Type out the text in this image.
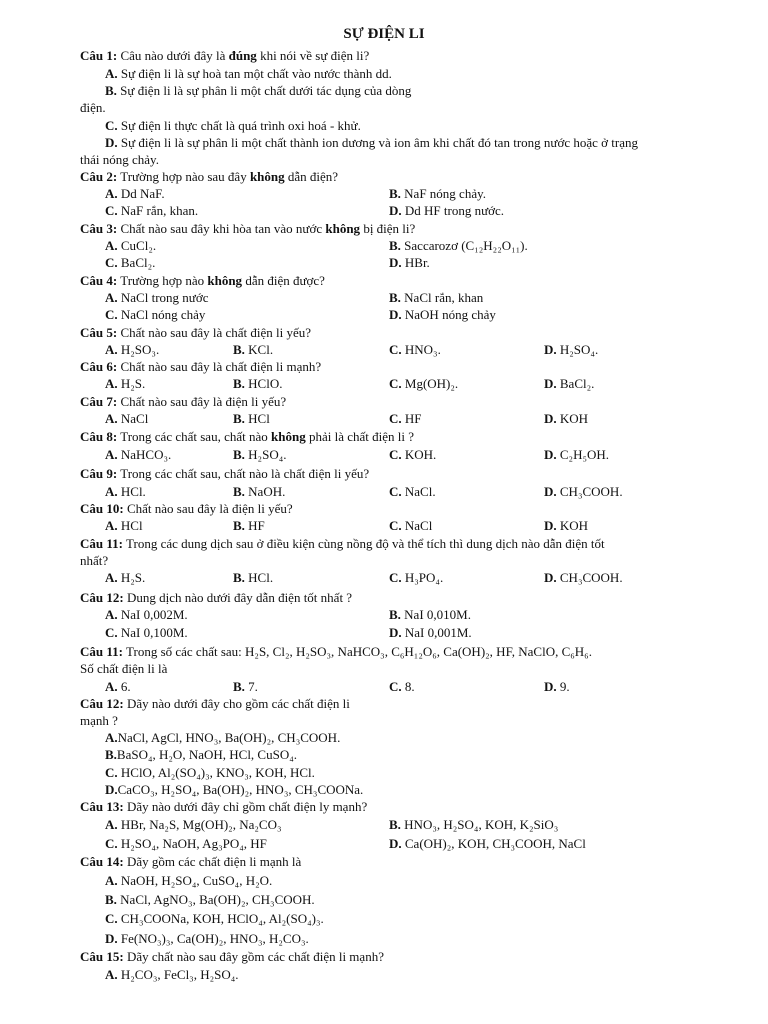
SỰ ĐIỆN LI
Câu 1: Câu nào dưới đây là đúng khi nói về sự điện li?
A. Sự điện li là sự hoà tan một chất vào nước thành dd.
B. Sự điện li là sự phân li một chất dưới tác dụng của dòng
điện.
C. Sự điện li thực chất là quá trình oxi hoá - khử.
D. Sự điện li là sự phân li một chất thành ion dương và ion âm khi chất đó tan trong nước hoặc ở trạng
thái nóng chảy.
Câu 2: Trường hợp nào sau đây không dẫn điện?
A. Dd NaF.	B. NaF nóng chảy.
C. NaF rắn, khan.	D. Dd HF trong nước.
Câu 3: Chất nào sau đây khi hòa tan vào nước không bị điện li?
A. CuCl₂.	B. Saccarozơ (C₁₂H₂₂O₁₁).
C. BaCl₂.	D. HBr.
Câu 4: Trường hợp nào không dẫn điện được?
A. NaCl trong nước	B. NaCl rắn, khan
C. NaCl nóng chảy	D. NaOH nóng chảy
Câu 5: Chất nào sau đây là chất điện li yếu?
A. H₂SO₃.	B. KCl.	C. HNO₃.	D. H₂SO₄.
Câu 6: Chất nào sau đây là chất điện li mạnh?
A. H₂S.	B. HClO.	C. Mg(OH)₂.	D. BaCl₂.
Câu 7: Chất nào sau đây là điện li yếu?
A. NaCl	B. HCl	C. HF	D. KOH
Câu 8: Trong các chất sau, chất nào không phải là chất điện li ?
A. NaHCO₃.	B. H₂SO₄.	C. KOH.	D. C₂H₅OH.
Câu 9: Trong các chất sau, chất nào là chất điện li yếu?
A. HCl.	B. NaOH.	C. NaCl.	D. CH₃COOH.
Câu 10: Chất nào sau đây là điện li yếu?
A. HCl	B. HF	C. NaCl	D. KOH
Câu 11: Trong các dung dịch sau ở điều kiện cùng nồng độ và thể tích thì dung dịch nào dẫn điện tốt
nhất?
A. H₂S.	B. HCl.	C. H₃PO₄.	D. CH₃COOH.
Câu 12: Dung dịch nào dưới đây dẫn điện tốt nhất ?
A. NaI 0,002M.	B. NaI 0,010M.
C. NaI 0,100M.	D. NaI 0,001M.
Câu 11: Trong số các chất sau: H₂S, Cl₂, H₂SO₃, NaHCO₃, C₆H₁₂O₆, Ca(OH)₂, HF, NaClO, C₆H₆.
Số chất điện li là
A. 6.	B. 7.	C. 8.	D. 9.
Câu 12: Dãy nào dưới đây cho gồm các chất điện li
mạnh ?
A.NaCl, AgCl, HNO₃, Ba(OH)₂, CH₃COOH.
B.BaSO₄, H₂O, NaOH, HCl, CuSO₄.
C. HClO, Al₂(SO₄)₃, KNO₃, KOH, HCl.
D.CaCO₃, H₂SO₄, Ba(OH)₂, HNO₃, CH₃COONa.
Câu 13: Dãy nào dưới đây chỉ gồm chất điện ly mạnh?
A. HBr, Na₂S, Mg(OH)₂, Na₂CO₃	B. HNO₃, H₂SO₄, KOH, K₂SiO₃
C. H₂SO₄, NaOH, Ag₃PO₄, HF	D. Ca(OH)₂, KOH, CH₃COOH, NaCl
Câu 14: Dãy gồm các chất điện li mạnh là
A. NaOH, H₂SO₄, CuSO₄, H₂O.
B. NaCl, AgNO₃, Ba(OH)₂, CH₃COOH.
C. CH₃COONa, KOH, HClO₄, Al₂(SO₄)₃.
D. Fe(NO₃)₃, Ca(OH)₂, HNO₃, H₂CO₃.
Câu 15: Dãy chất nào sau đây gồm các chất điện li mạnh?
A. H₂CO₃, FeCl₃, H₂SO₄.
